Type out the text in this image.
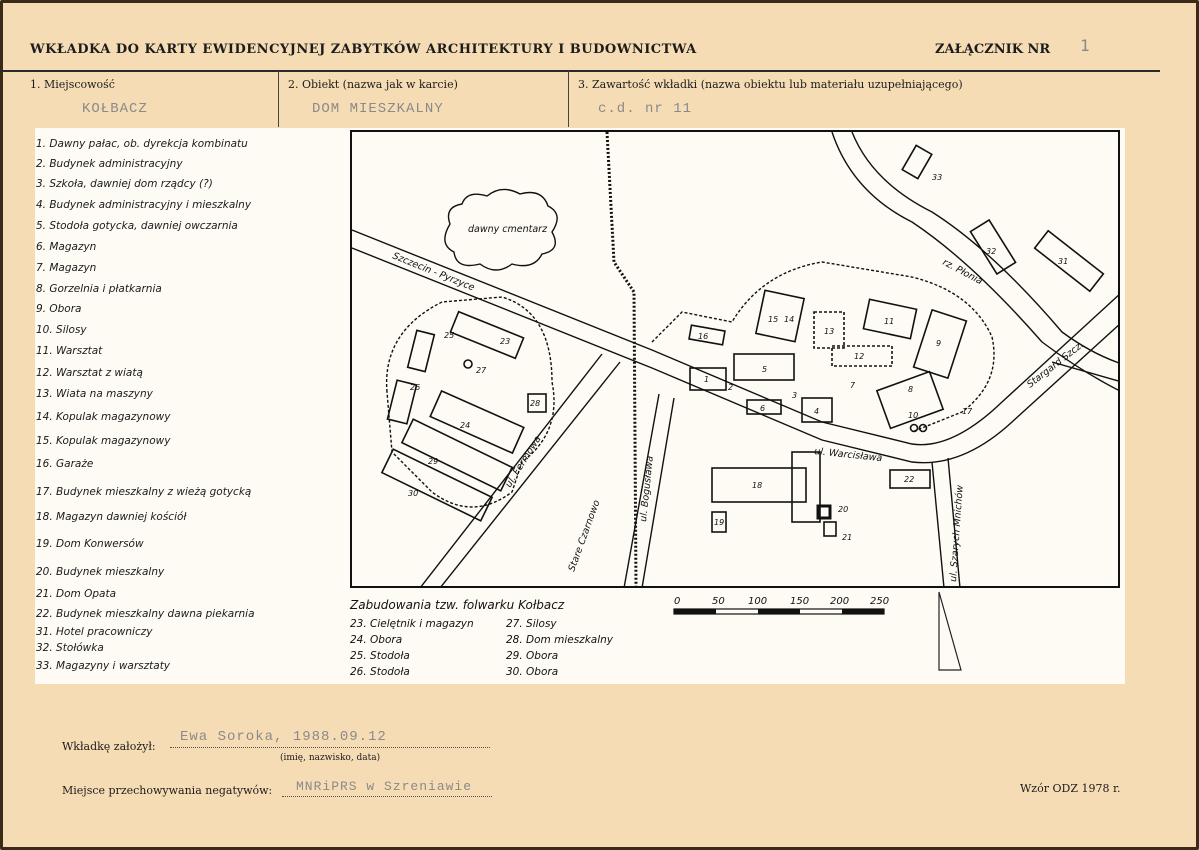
WKŁADKA DO KARTY EWIDENCYJNEJ ZABYTKÓW ARCHITEKTURY I BUDOWNICTWA	ZAŁĄCZNIK NR 1
1. Miejscowość
KOŁBACZ
2. Obiekt (nazwa jak w karcie)
DOM MIESZKALNY
3. Zawartość wkładki (nazwa obiektu lub materiału uzupełniającego)
c.d. nr 11
1. Dawny pałac, ob. dyrekcja kombinatu
2. Budynek administracyjny
3. Szkoła, dawniej dom rządcy (?)
4. Budynek administracyjny i mieszkalny
5. Stodoła gotycka, dawniej owczarnia
6. Magazyn
7. Magazyn
8. Gorzelnia i płatkarnia
9. Obora
10. Silosy
11. Warsztat
12. Warsztat z wiatą
13. Wiata na maszyny
14. Kopulak magazynowy
15. Kopulak magazynowy
16. Garaże
17. Budynek mieszkalny z wieżą gotycką
18. Magazyn dawniej kościół
19. Dom Konwersów
20. Budynek mieszkalny
21. Dom Opata
22. Budynek mieszkalny dawna piekarnia
31. Hotel pracowniczy
32. Stołówka
33. Magazyny i warsztaty
1
2
3
4
5
6
7	8
9
10
11
12
13
14
15
16
17
18
19
20
21
22
23
24
25
26
27
28
29
30
31
32
33
Szczecin - Pyrzyce
dawny cmentarz
rz. Płonia
Stargard Szcz.
ul. Warcisława
ul. Fermowa	ul. Bogusława
Stare Czarnowo	ul. Szarych Mnichów
Zabudowania tzw. folwarku Kołbacz
23. Cielętnik i magazyn
24. Obora
25. Stodoła
26. Stodoła
27. Silosy
28. Dom mieszkalny
29. Obora
30. Obora
0	50 100 150 200 250
Wkładkę założył:
Ewa Soroka, 1988.09.12
(imię, nazwisko, data)
Miejsce przechowywania negatywów: MNRiPRS w Szreniawie	Wzór ODZ 1978 r.
